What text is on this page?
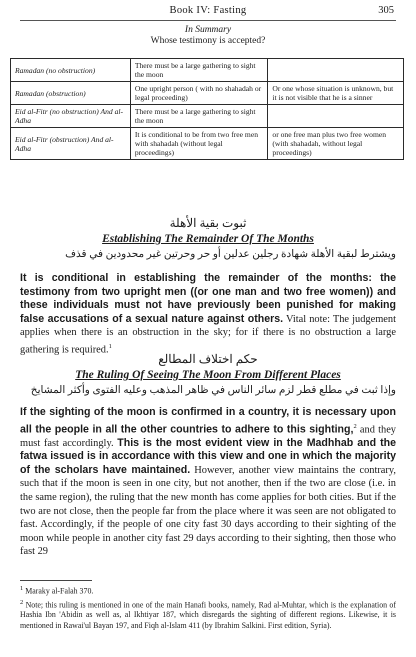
Book IV: Fasting	305
In Summary
Whose testimony is accepted?
Ramadan (no obstruction)	There must be a large gathering to sight the moon	
Ramadan (obstruction)	One upright person ( with no shahadah or legal proceeding)	Or one whose situation is unknown, but it is not visible that he is a sinner
Eid al-Fitr (no obstruction) And al-Adha	There must be a large gathering to sight the moon	
Eid al-Fitr (obstruction) And al-Adha	It is conditional to be from two free men with shahadah (without legal proceedings)	or one free man plus two free women (with shahadah, without legal proceedings)
ثبوت بقية الأهلة
Establishing The Remainder Of The Months
ويشترط لبقية الأهلة شهادة رجلين عدلين أو حر وحرتين غير محدودين في قذف
It is conditional in establishing the remainder of the months: the testimony from two upright men ((or one man and two free women)) and these individuals must not have previously been punished for making false accusations of a sexual nature against others. Vital note: The judgement applies when there is an obstruction in the sky; for if there is no obstruction a large gathering is required.$^1$
حكم اختلاف المطالع
The Ruling Of Seeing The Moon From Different Places
وإذا ثبت في مطلع قطر لزم سائر الناس في ظاهر المذهب وعليه الفتوى وأكثر المشايخ
If the sighting of the moon is confirmed in a country, it is necessary upon all the people in all the other countries to adhere to this sighting,$^2$ and they must fast accordingly. This is the most evident view in the Madhhab and the fatwa issued is in accordance with this view and one in which the majority of the scholars have maintained. However, another view maintains the contrary, such that if the moon is seen in one city, but not another, then if the two are close (i.e. in the same region), the ruling that the new month has come applies for both cities. But if the two are not close, then the people far from the place where it was seen are not obligated to fast. Accordingly, if the people of one city fast 30 days according to their sighting of the moon while people in another city fast 29 days according to their sighting, then those who fast 29

$^1$ Maraky al-Falah 370.

$^2$ Note; this ruling is mentioned in one of the main Hanafi books, namely, Rad al-Muhtar, which is the explanation of Hashia Ibn 'Abidin as well as, al Ikhtiyar 187, which disregards the sighting of different regions. Likewise, it is mentioned in Rawai'ul Bayan 197, and Fiqh al-Islam 411 (by Ibrahim Salkini. First edition, Syria).
